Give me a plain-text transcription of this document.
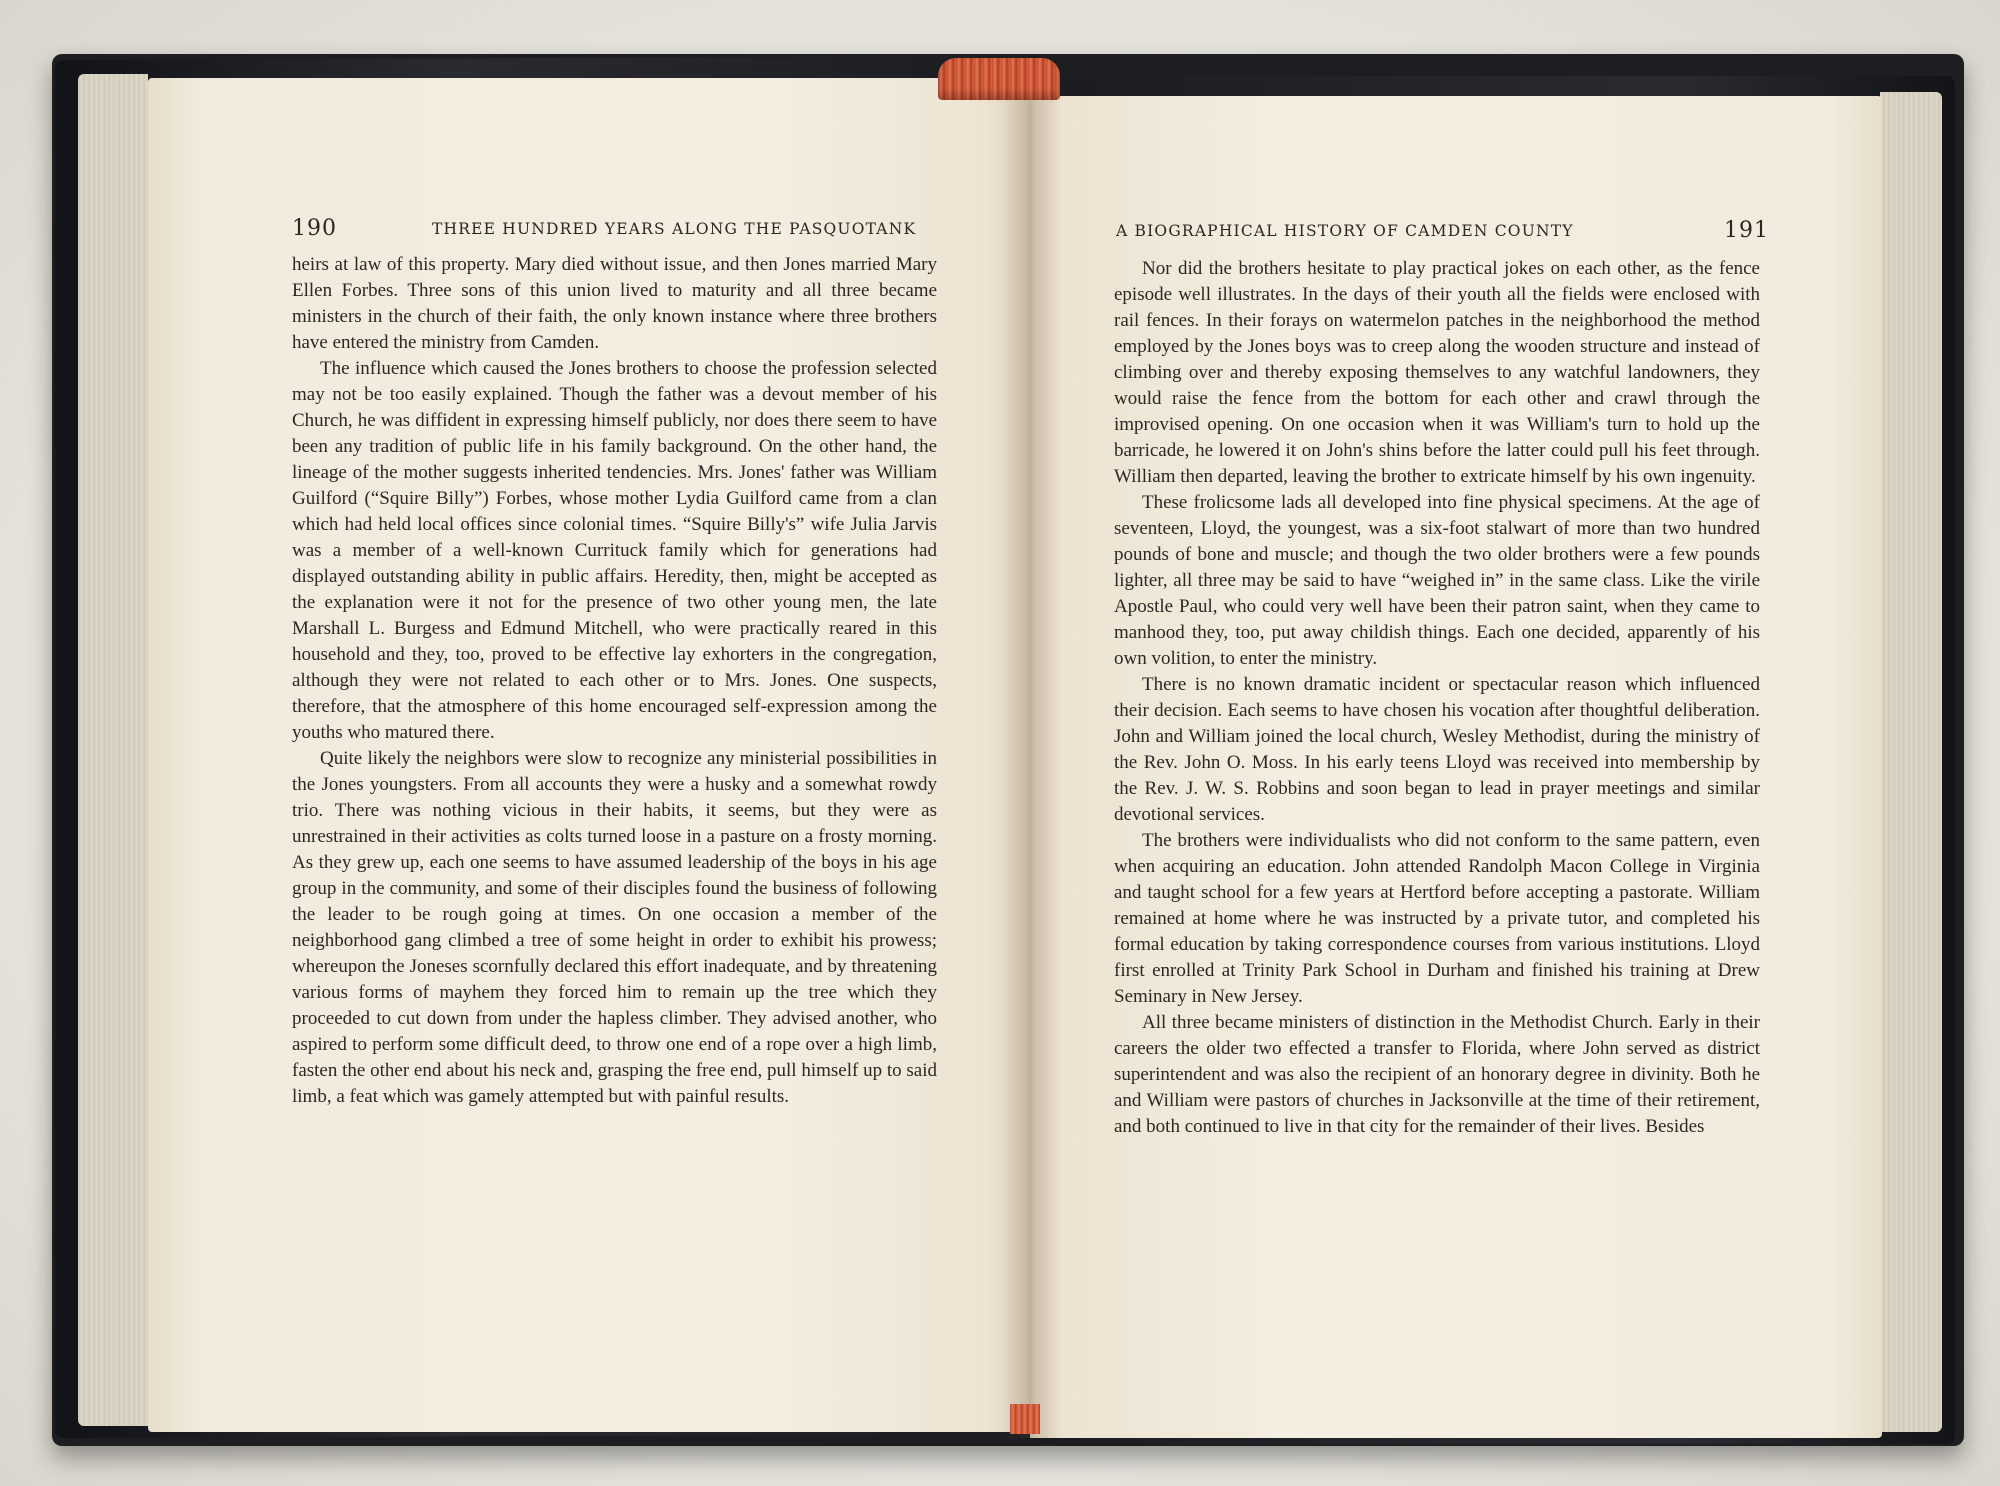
190	THREE HUNDRED YEARS ALONG THE PASQUOTANK	A BIOGRAPHICAL HISTORY OF CAMDEN COUNTY	191

heirs at law of this property. Mary died without issue, and then Jones married Mary Ellen Forbes. Three sons of this union lived to maturity and all three became ministers in the church of their faith, the only known instance where three brothers have entered the ministry from Camden.

The influence which caused the Jones brothers to choose the profession selected may not be too easily explained. Though the father was a devout member of his Church, he was diffident in expressing himself publicly, nor does there seem to have been any tradition of public life in his family background. On the other hand, the lineage of the mother suggests inherited tendencies. Mrs. Jones' father was William Guilford (“Squire Billy”) Forbes, whose mother Lydia Guilford came from a clan which had held local offices since colonial times. “Squire Billy's” wife Julia Jarvis was a member of a well-known Currituck family which for generations had displayed outstanding ability in public affairs. Heredity, then, might be accepted as the explanation were it not for the presence of two other young men, the late Marshall L. Burgess and Edmund Mitchell, who were practically reared in this household and they, too, proved to be effective lay exhorters in the congregation, although they were not related to each other or to Mrs. Jones. One suspects, therefore, that the atmosphere of this home encouraged self-expression among the youths who matured there.

Quite likely the neighbors were slow to recognize any ministerial possibilities in the Jones youngsters. From all accounts they were a husky and a somewhat rowdy trio. There was nothing vicious in their habits, it seems, but they were as unrestrained in their activities as colts turned loose in a pasture on a frosty morning. As they grew up, each one seems to have assumed leadership of the boys in his age group in the community, and some of their disciples found the business of following the leader to be rough going at times. On one occasion a member of the neighborhood gang climbed a tree of some height in order to exhibit his prowess; whereupon the Joneses scornfully declared this effort inadequate, and by threatening various forms of mayhem they forced him to remain up the tree which they proceeded to cut down from under the hapless climber. They advised another, who aspired to perform some difficult deed, to throw one end of a rope over a high limb, fasten the other end about his neck and, grasping the free end, pull himself up to said limb, a feat which was gamely attempted but with painful results.

Nor did the brothers hesitate to play practical jokes on each other, as the fence episode well illustrates. In the days of their youth all the fields were enclosed with rail fences. In their forays on watermelon patches in the neighborhood the method employed by the Jones boys was to creep along the wooden structure and instead of climbing over and thereby exposing themselves to any watchful landowners, they would raise the fence from the bottom for each other and crawl through the improvised opening. On one occasion when it was William's turn to hold up the barricade, he lowered it on John's shins before the latter could pull his feet through. William then departed, leaving the brother to extricate himself by his own ingenuity.

These frolicsome lads all developed into fine physical specimens. At the age of seventeen, Lloyd, the youngest, was a six-foot stalwart of more than two hundred pounds of bone and muscle; and though the two older brothers were a few pounds lighter, all three may be said to have “weighed in” in the same class. Like the virile Apostle Paul, who could very well have been their patron saint, when they came to manhood they, too, put away childish things. Each one decided, apparently of his own volition, to enter the ministry.

There is no known dramatic incident or spectacular reason which influenced their decision. Each seems to have chosen his vocation after thoughtful deliberation. John and William joined the local church, Wesley Methodist, during the ministry of the Rev. John O. Moss. In his early teens Lloyd was received into membership by the Rev. J. W. S. Robbins and soon began to lead in prayer meetings and similar devotional services.

The brothers were individualists who did not conform to the same pattern, even when acquiring an education. John attended Randolph Macon College in Virginia and taught school for a few years at Hertford before accepting a pastorate. William remained at home where he was instructed by a private tutor, and completed his formal education by taking correspondence courses from various institutions. Lloyd first enrolled at Trinity Park School in Durham and finished his training at Drew Seminary in New Jersey.

All three became ministers of distinction in the Methodist Church. Early in their careers the older two effected a transfer to Florida, where John served as district superintendent and was also the recipient of an honorary degree in divinity. Both he and William were pastors of churches in Jacksonville at the time of their retirement, and both continued to live in that city for the remainder of their lives. Besides
